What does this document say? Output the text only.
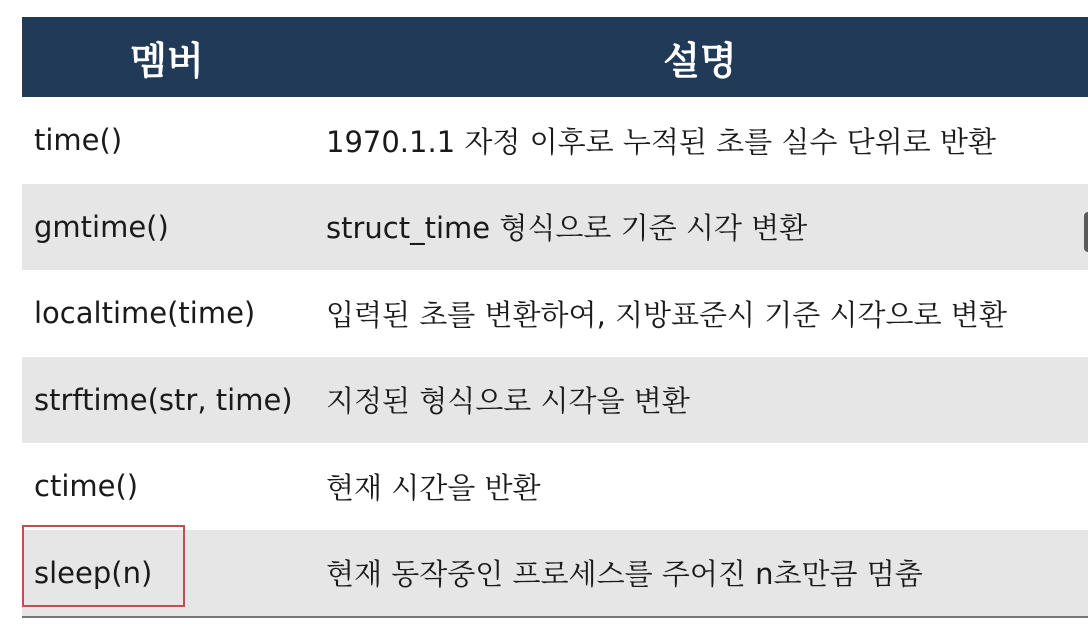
멤버	설명
time()	1970.1.1 자정 이후로 누적된 초를 실수 단위로 반환
gmtime()	struct_time 형식으로 기준 시각 변환
localtime(time)	입력된 초를 변환하여, 지방표준시 기준 시각으로 변환
strftime(str, time)	지정된 형식으로 시각을 변환
ctime()	현재 시간을 반환
sleep(n)	현재 동작중인 프로세스를 주어진 n초만큼 멈춤
